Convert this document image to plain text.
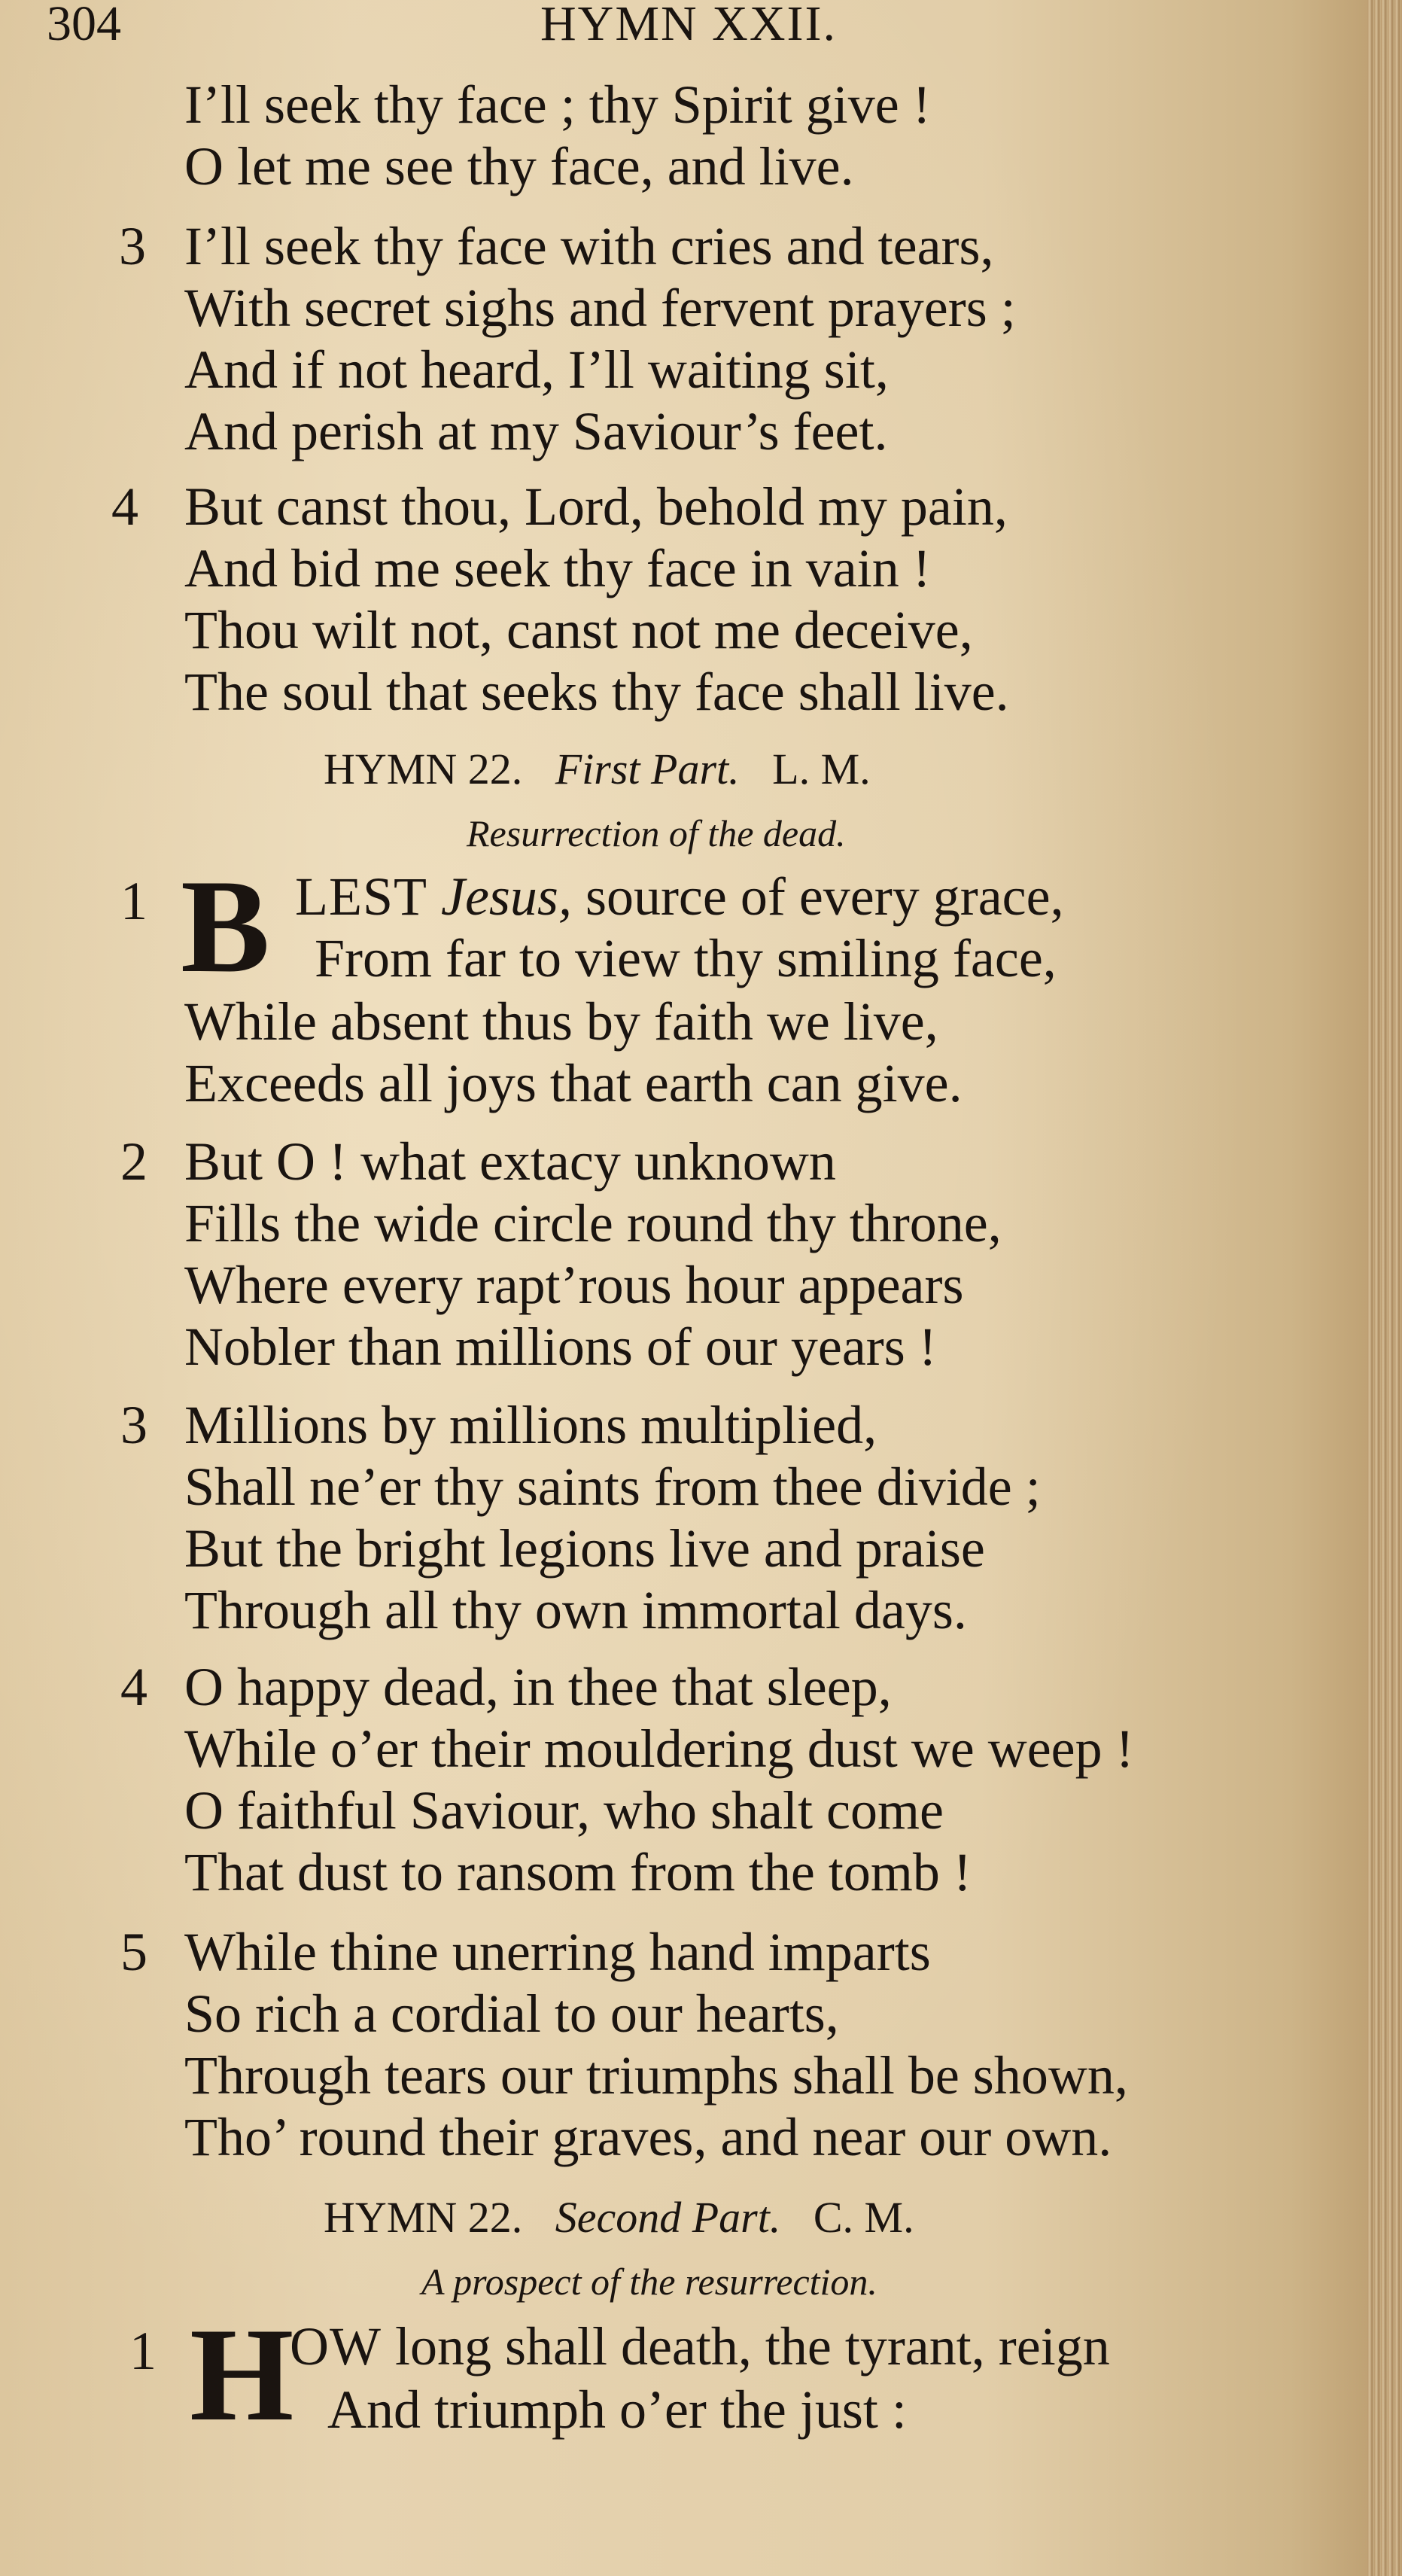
304	HYMN XXII.
I’ll seek thy face ; thy Spirit give !
O let me see thy face, and live.
3 I’ll seek thy face with cries and tears,
With secret sighs and fervent prayers ;
And if not heard, I’ll waiting sit,
And perish at my Saviour’s feet.
4 But canst thou, Lord, behold my pain,
And bid me seek thy face in vain !
Thou wilt not, canst not me deceive,
The soul that seeks thy face shall live.
HYMN 22. First Part. L. M.
Resurrection of the dead.
1 B LEST Jesus, source of every grace,
From far to view thy smiling face,
While absent thus by faith we live,
Exceeds all joys that earth can give.
2 But O ! what extacy unknown
Fills the wide circle round thy throne,
Where every rapt’rous hour appears
Nobler than millions of our years !
3 Millions by millions multiplied,
Shall ne’er thy saints from thee divide ;
But the bright legions live and praise
Through all thy own immortal days.
4 O happy dead, in thee that sleep,
While o’er their mouldering dust we weep !
O faithful Saviour, who shalt come
That dust to ransom from the tomb !
5 While thine unerring hand imparts
So rich a cordial to our hearts,
Through tears our triumphs shall be shown,
Tho’ round their graves, and near our own.
HYMN 22. Second Part. C. M.
A prospect of the resurrection.
1 H
OW long shall death, the tyrant, reign
And triumph o’er the just :
